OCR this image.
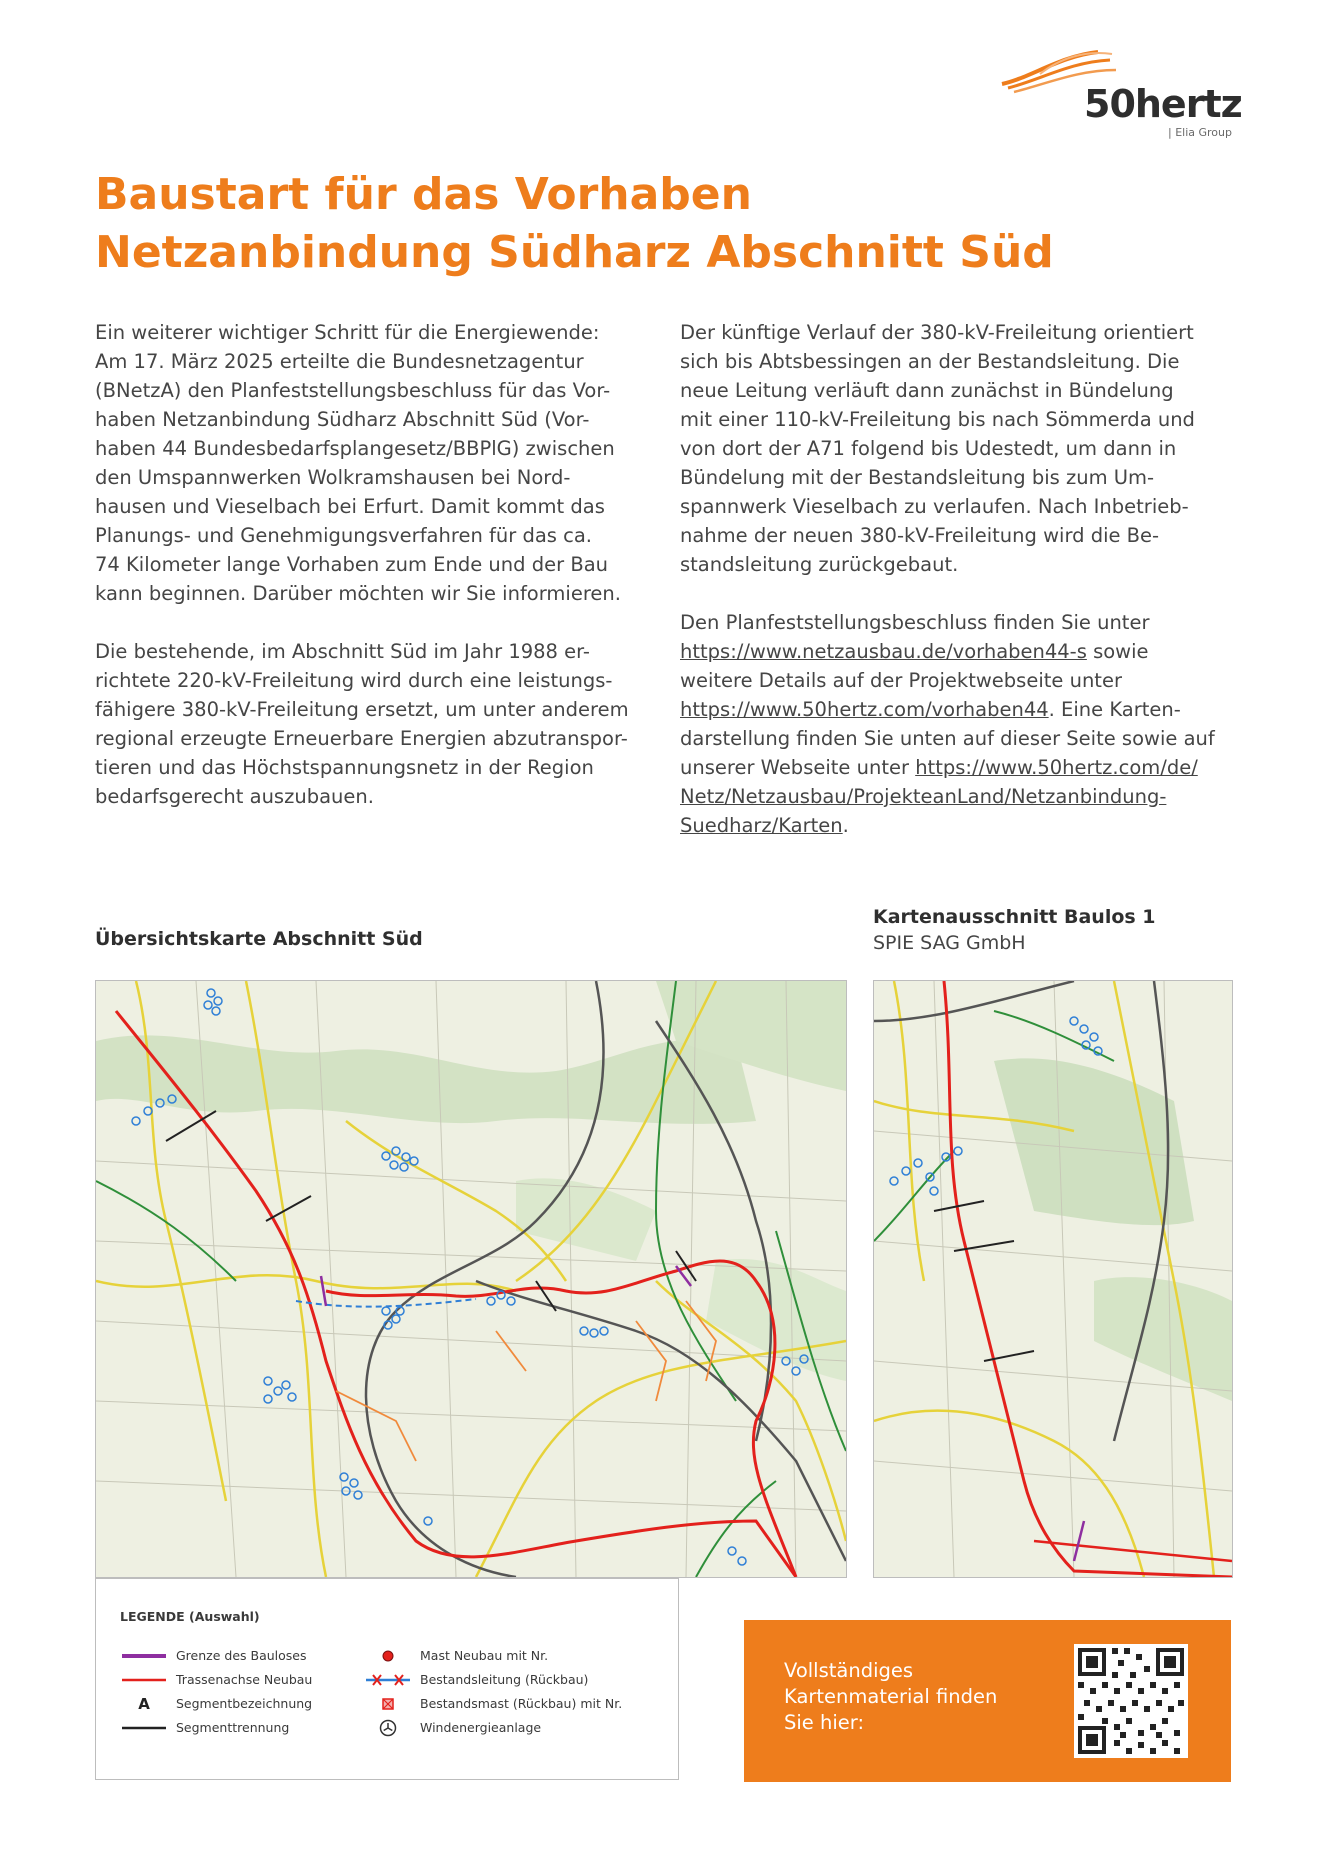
50hertz
| Elia Group
Baustart für das Vorhaben
Netzanbindung Südharz Abschnitt Süd

Ein weiterer wichtiger Schritt für die Energiewende:
Am 17. März 2025 erteilte die Bundesnetzagentur
(BNetzA) den Planfeststellungsbeschluss für das Vor-
haben Netzanbindung Südharz Abschnitt Süd (Vor-
haben 44 Bundesbedarfsplangesetz/BBPlG) zwischen
den Umspannwerken Wolkramshausen bei Nord-
hausen und Vieselbach bei Erfurt. Damit kommt das
Planungs- und Genehmigungsverfahren für das ca.
74 Kilometer lange Vorhaben zum Ende und der Bau
kann beginnen. Darüber möchten wir Sie informieren.

Die bestehende, im Abschnitt Süd im Jahr 1988 er-
richtete 220-kV-Freileitung wird durch eine leistungs-
fähigere 380-kV-Freileitung ersetzt, um unter anderem
regional erzeugte Erneuerbare Energien abzutranspor-
tieren und das Höchstspannungsnetz in der Region
bedarfsgerecht auszubauen.

Der künftige Verlauf der 380-kV-Freileitung orientiert
sich bis Abtsbessingen an der Bestandsleitung. Die
neue Leitung verläuft dann zunächst in Bündelung
mit einer 110-kV-Freileitung bis nach Sömmerda und
von dort der A71 folgend bis Udestedt, um dann in
Bündelung mit der Bestandsleitung bis zum Um-
spannwerk Vieselbach zu verlaufen. Nach Inbetrieb-
nahme der neuen 380-kV-Freileitung wird die Be-
standsleitung zurückgebaut.

Den Planfeststellungsbeschluss finden Sie unter
https://www.netzausbau.de/vorhaben44-s sowie
weitere Details auf der Projektwebseite unter
https://www.50hertz.com/vorhaben44. Eine Karten-
darstellung finden Sie unten auf dieser Seite sowie auf
unserer Webseite unter https://www.50hertz.com/de/
Netz/Netzausbau/ProjekteanLand/Netzanbindung-
Suedharz/Karten.

Übersichtskarte Abschnitt Süd
Kartenausschnitt Baulos 1
SPIE SAG GmbH
LEGENDE (Auswahl)
Grenze des Bauloses
Trassenachse Neubau
A	Segmentbezeichnung
Segmenttrennung
Mast Neubau mit Nr.
Bestandsleitung (Rückbau)
Bestandsmast (Rückbau) mit Nr.
Windenergieanlage
Vollständiges
Kartenmaterial finden
Sie hier:
